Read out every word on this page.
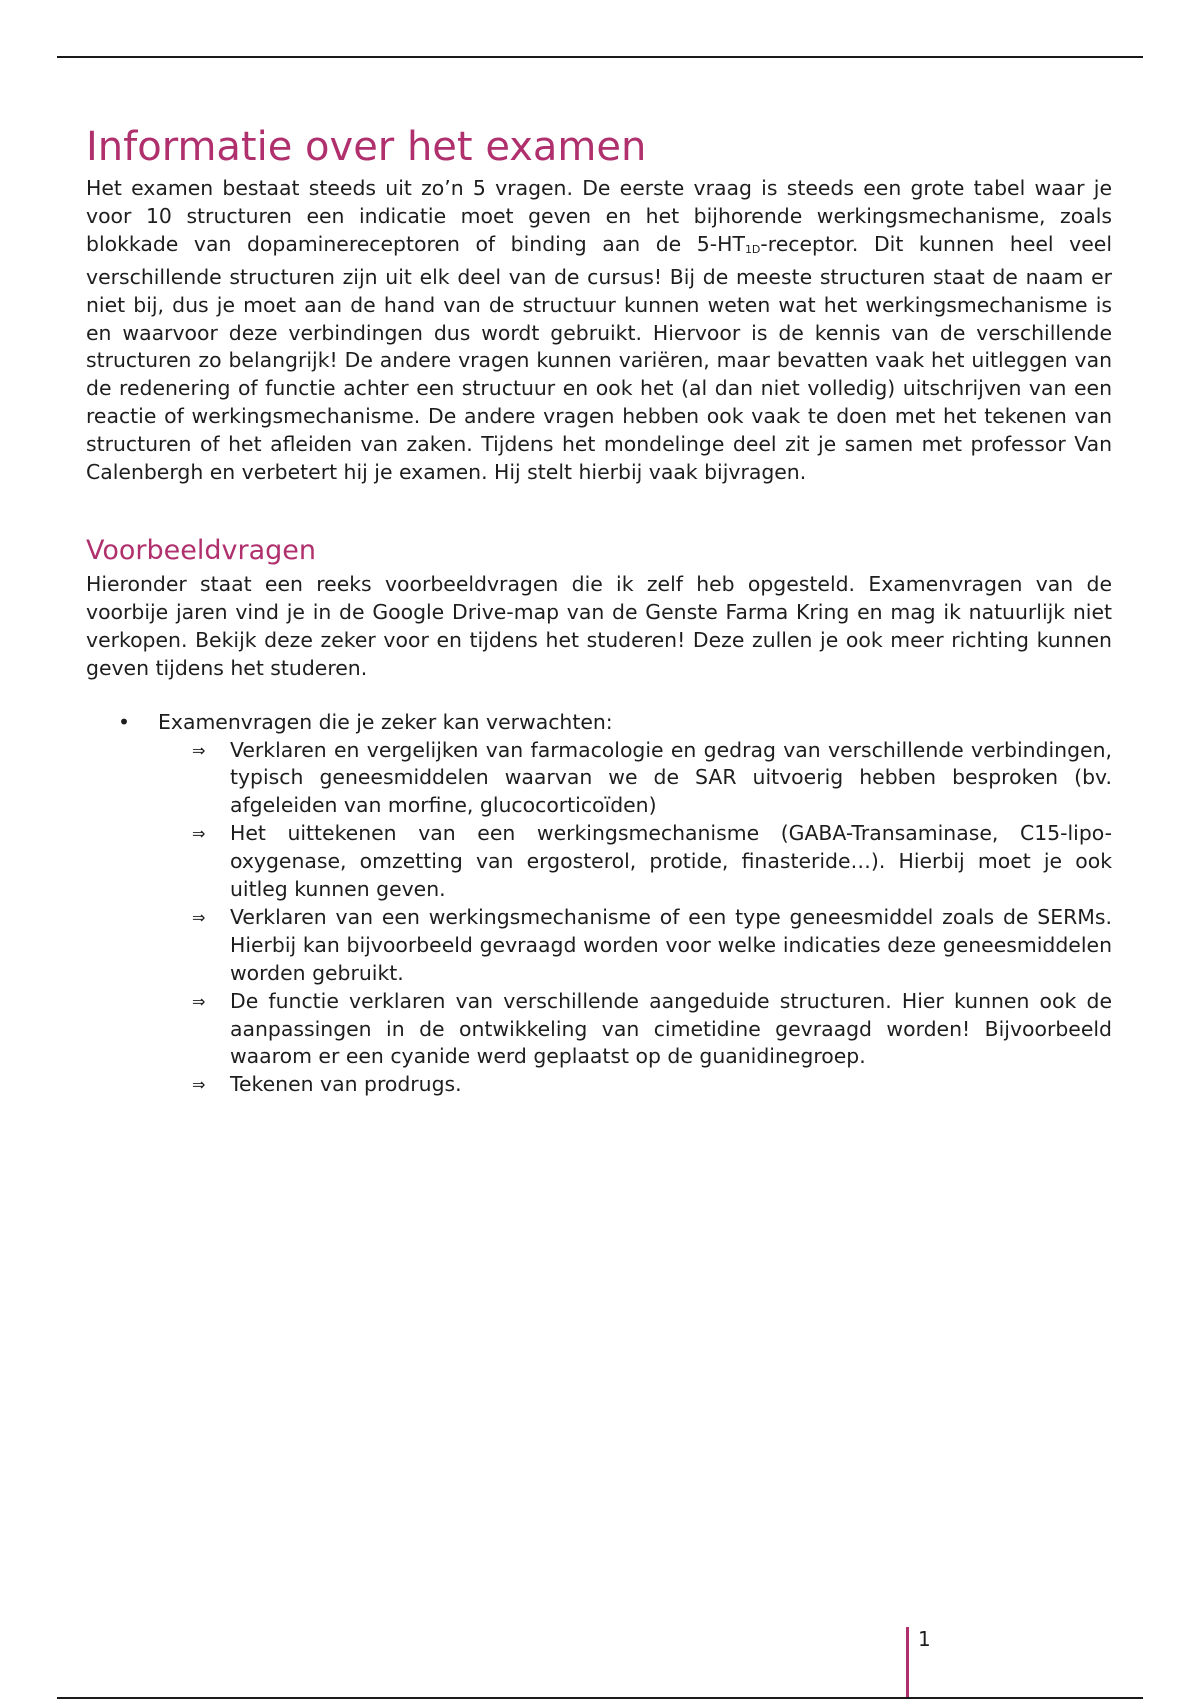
Informatie over het examen

Het examen bestaat steeds uit zo’n 5 vragen. De eerste vraag is steeds een grote tabel waar je voor 10 structuren een indicatie moet geven en het bijhorende werkingsmechanisme, zoals blokkade van dopaminereceptoren of binding aan de $5-HT_{1D}$-receptor. Dit kunnen heel veel verschillende structuren zijn uit elk deel van de cursus! Bij de meeste structuren staat de naam er niet bij, dus je moet aan de hand van de structuur kunnen weten wat het werkingsmechanisme is en waarvoor deze verbindingen dus wordt gebruikt. Hiervoor is de kennis van de verschillende structuren zo belangrijk! De andere vragen kunnen variëren, maar bevatten vaak het uitleggen van de redenering of functie achter een structuur en ook het (al dan niet volledig) uitschrijven van een reactie of werkingsmechanisme. De andere vragen hebben ook vaak te doen met het tekenen van structuren of het afleiden van zaken. Tijdens het mondelinge deel zit je samen met professor Van Calenbergh en verbetert hij je examen. Hij stelt hierbij vaak bijvragen.

Voorbeeldvragen

Hieronder staat een reeks voorbeeldvragen die ik zelf heb opgesteld. Examenvragen van de voorbije jaren vind je in de Google Drive-map van de Genste Farma Kring en mag ik natuurlijk niet verkopen. Bekijk deze zeker voor en tijdens het studeren! Deze zullen je ook meer richting kunnen geven tijdens het studeren.

• Examenvragen die je zeker kan verwachten:
⇒ Verklaren en vergelijken van farmacologie en gedrag van verschillende verbindingen, typisch geneesmiddelen waarvan we de SAR uitvoerig hebben besproken (bv. afgeleiden van morfine, glucocorticoïden)
⇒ Het uittekenen van een werkingsmechanisme (GABA-Transaminase, C15-lipo-oxygenase, omzetting van ergosterol, protide, finasteride…). Hierbij moet je ook uitleg kunnen geven.
⇒ Verklaren van een werkingsmechanisme of een type geneesmiddel zoals de SERMs. Hierbij kan bijvoorbeeld gevraagd worden voor welke indicaties deze geneesmiddelen worden gebruikt.
⇒ De functie verklaren van verschillende aangeduide structuren. Hier kunnen ook de aanpassingen in de ontwikkeling van cimetidine gevraagd worden! Bijvoorbeeld waarom er een cyanide werd geplaatst op de guanidinegroep.
⇒ Tekenen van prodrugs.
1
